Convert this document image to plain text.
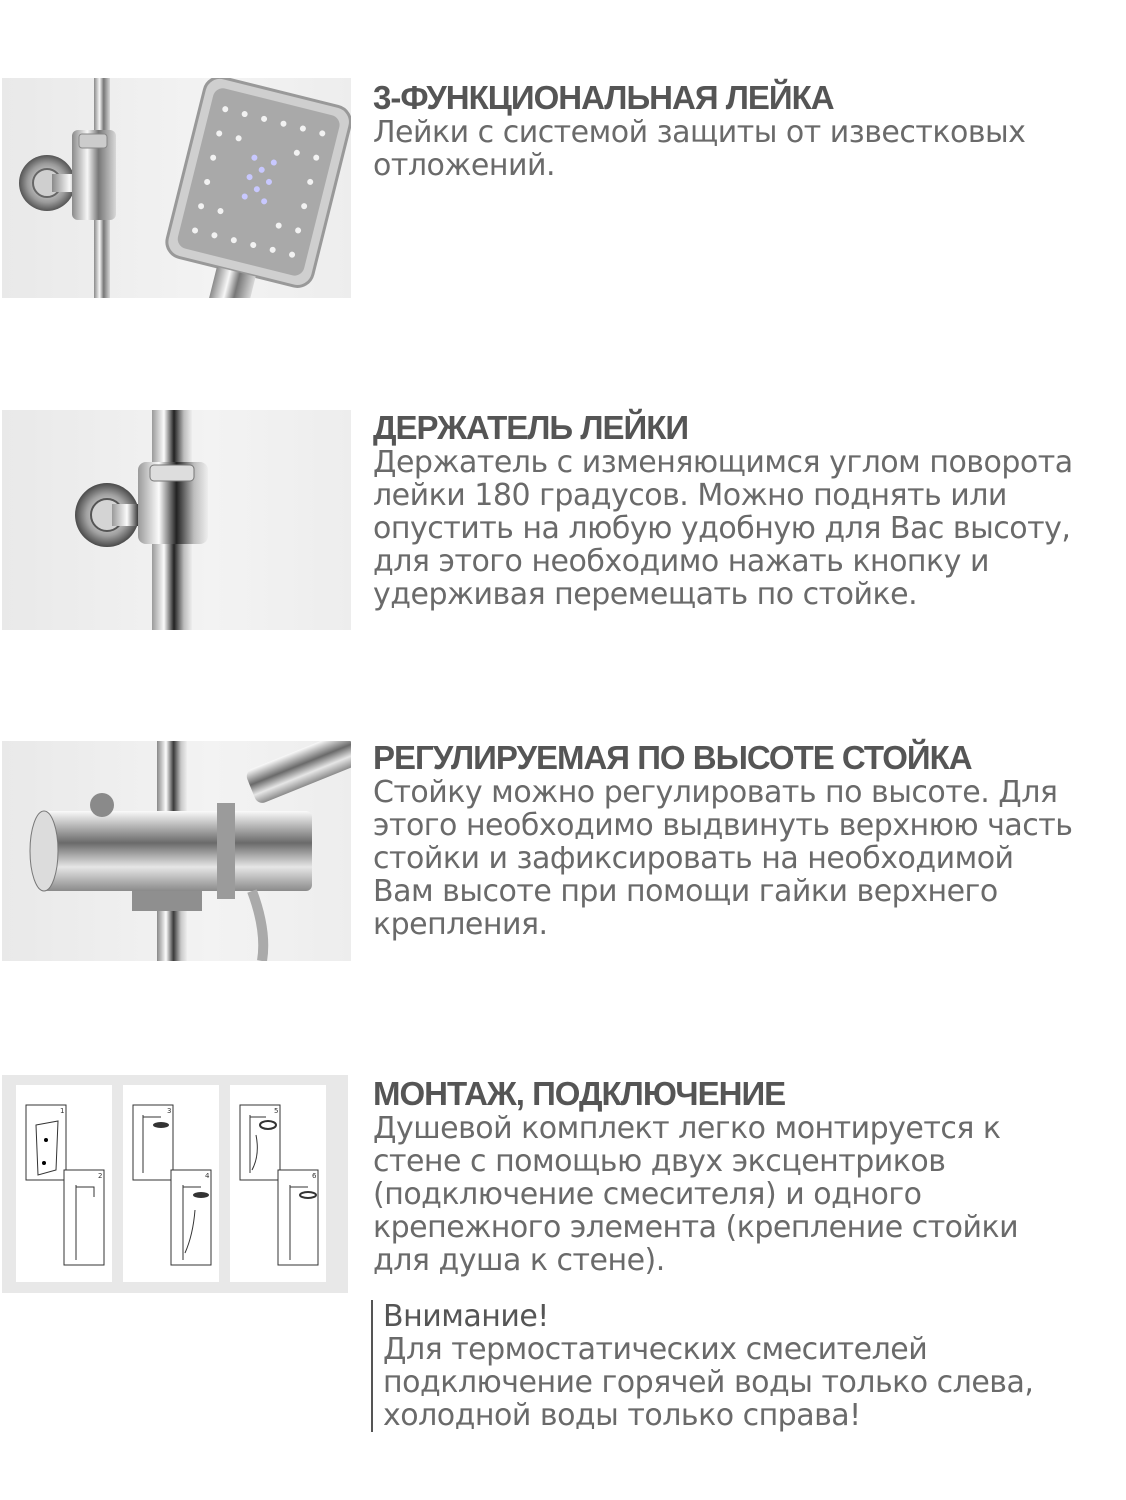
3-ФУНКЦИОНАЛЬНАЯ ЛЕЙКА

Лейки с системой защиты от известковых
отложений.

ДЕРЖАТЕЛЬ ЛЕЙКИ

Держатель с изменяющимся углом поворота
лейки 180 градусов. Можно поднять или
опустить на любую удобную для Вас высоту,
для этого необходимо нажать кнопку и
удерживая перемещать по стойке.

РЕГУЛИРУЕМАЯ ПО ВЫСОТЕ СТОЙКА

Стойку можно регулировать по высоте. Для
этого необходимо выдвинуть верхнюю часть
стойки и зафиксировать на необходимой
Вам высоте при помощи гайки верхнего
крепления.

1
2
3
4
5
6

МОНТАЖ, ПОДКЛЮЧЕНИЕ

Душевой комплект легко монтируется к
стене с помощью двух эксцентриков
(подключение смесителя) и одного
крепежного элемента (крепление стойки
для душа к стене).

Внимание!
Для термостатических смесителей
подключение горячей воды только слева,
холодной воды только справа!
